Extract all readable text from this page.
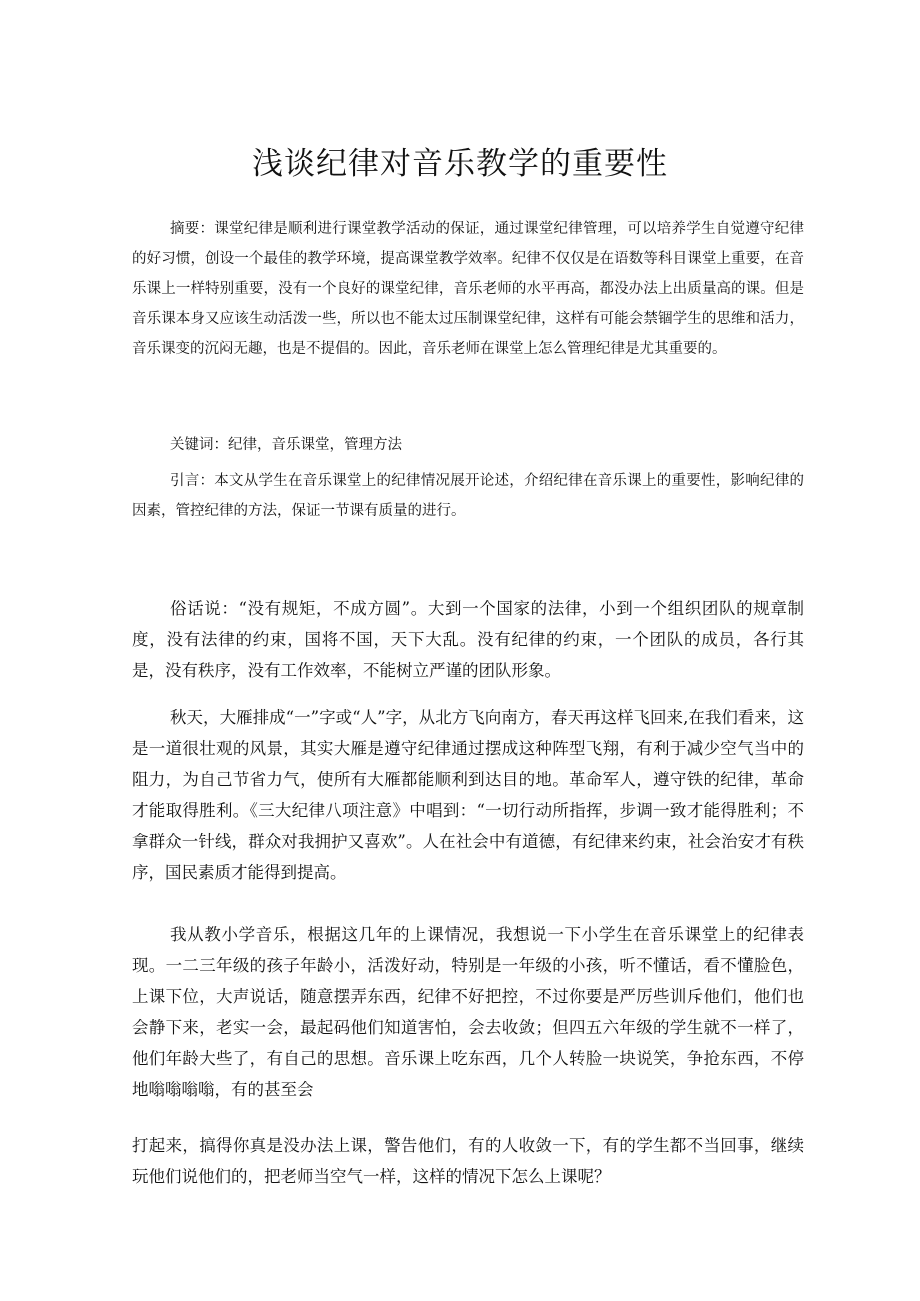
浅谈纪律对音乐教学的重要性

摘要：课堂纪律是顺利进行课堂教学活动的保证，通过课堂纪律管理，可以培养学生自觉遵守纪律的好习惯，创设一个最佳的教学环境，提高课堂教学效率。纪律不仅仅是在语数等科目课堂上重要，在音乐课上一样特别重要，没有一个良好的课堂纪律，音乐老师的水平再高，都没办法上出质量高的课。但是音乐课本身又应该生动活泼一些，所以也不能太过压制课堂纪律，这样有可能会禁锢学生的思维和活力，音乐课变的沉闷无趣，也是不提倡的。因此，音乐老师在课堂上怎么管理纪律是尤其重要的。

关键词：纪律，音乐课堂，管理方法

引言：本文从学生在音乐课堂上的纪律情况展开论述，介绍纪律在音乐课上的重要性，影响纪律的因素，管控纪律的方法，保证一节课有质量的进行。

俗话说：“没有规矩，不成方圆”。大到一个国家的法律，小到一个组织团队的规章制度，没有法律的约束，国将不国，天下大乱。没有纪律的约束，一个团队的成员，各行其是，没有秩序，没有工作效率，不能树立严谨的团队形象。

秋天，大雁排成“一”字或“人”字，从北方飞向南方，春天再这样飞回来,在我们看来，这是一道很壮观的风景，其实大雁是遵守纪律通过摆成这种阵型飞翔，有利于减少空气当中的阻力，为自己节省力气，使所有大雁都能顺利到达目的地。革命军人，遵守铁的纪律，革命才能取得胜利。《三大纪律八项注意》中唱到：“一切行动所指挥，步调一致才能得胜利；不拿群众一针线，群众对我拥护又喜欢”。人在社会中有道德，有纪律来约束，社会治安才有秩序，国民素质才能得到提高。

我从教小学音乐，根据这几年的上课情况，我想说一下小学生在音乐课堂上的纪律表现。一二三年级的孩子年龄小，活泼好动，特别是一年级的小孩，听不懂话，看不懂脸色，上课下位，大声说话，随意摆弄东西，纪律不好把控，不过你要是严厉些训斥他们，他们也会静下来，老实一会，最起码他们知道害怕，会去收敛；但四五六年级的学生就不一样了，他们年龄大些了，有自己的思想。音乐课上吃东西，几个人转脸一块说笑，争抢东西，不停地嗡嗡嗡嗡，有的甚至会

打起来，搞得你真是没办法上课，警告他们，有的人收敛一下，有的学生都不当回事，继续玩他们说他们的，把老师当空气一样，这样的情况下怎么上课呢？
